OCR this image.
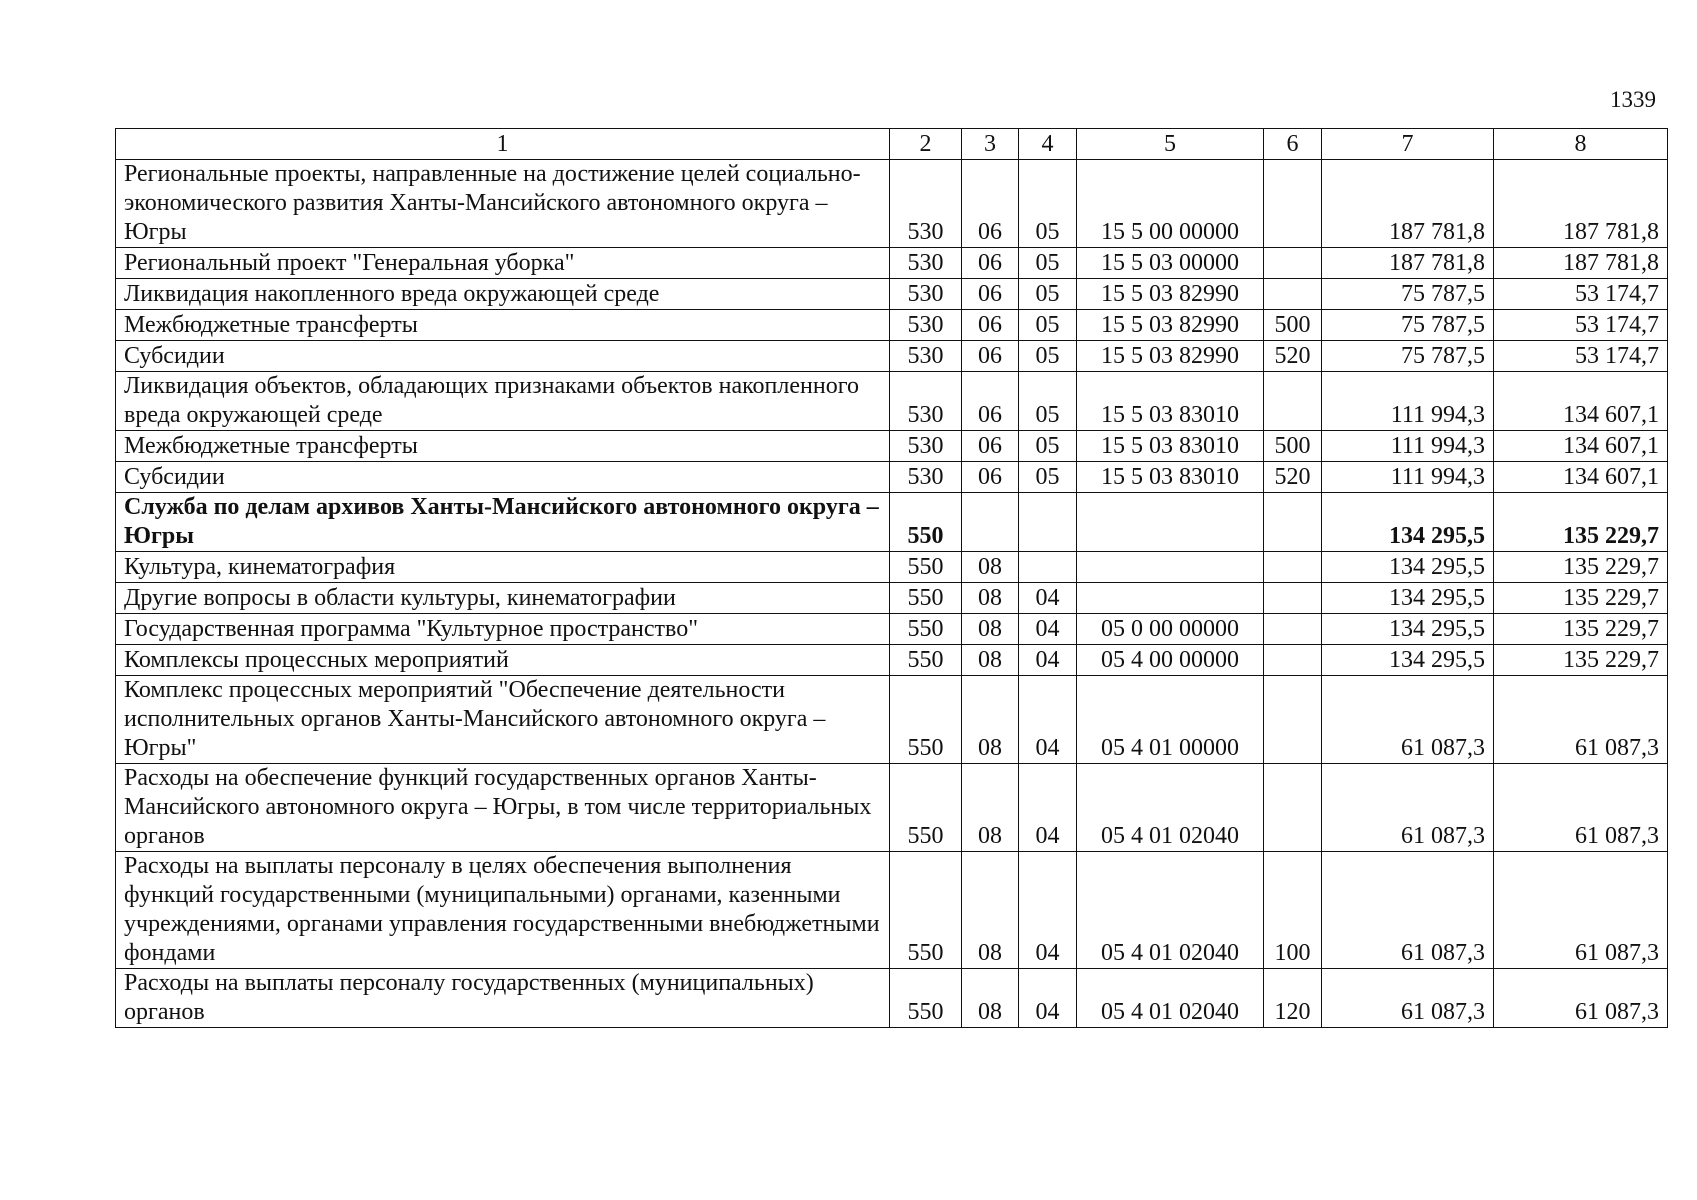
1339
1	2	3	4	5	6	7	8
Региональные проекты, направленные на достижение целей социально-экономического развития Ханты-Мансийского автономного округа – Югры	530	06	05	15 5 00 00000		187 781,8	187 781,8
Региональный проект "Генеральная уборка"	530	06	05	15 5 03 00000		187 781,8	187 781,8
Ликвидация накопленного вреда окружающей среде	530	06	05	15 5 03 82990		75 787,5	53 174,7
Межбюджетные трансферты	530	06	05	15 5 03 82990	500	75 787,5	53 174,7
Субсидии	530	06	05	15 5 03 82990	520	75 787,5	53 174,7
Ликвидация объектов, обладающих признаками объектов накопленного вреда окружающей среде	530	06	05	15 5 03 83010		111 994,3	134 607,1
Межбюджетные трансферты	530	06	05	15 5 03 83010	500	111 994,3	134 607,1
Субсидии	530	06	05	15 5 03 83010	520	111 994,3	134 607,1
Служба по делам архивов Ханты-Мансийского автономного округа – Югры	550					134 295,5	135 229,7
Культура, кинематография	550	08				134 295,5	135 229,7
Другие вопросы в области культуры, кинематографии	550	08	04			134 295,5	135 229,7
Государственная программа "Культурное пространство"	550	08	04	05 0 00 00000		134 295,5	135 229,7
Комплексы процессных мероприятий	550	08	04	05 4 00 00000		134 295,5	135 229,7
Комплекс процессных мероприятий "Обеспечение деятельности исполнительных органов Ханты-Мансийского автономного округа – Югры"	550	08	04	05 4 01 00000		61 087,3	61 087,3
Расходы на обеспечение функций государственных органов Ханты-Мансийского автономного округа – Югры, в том числе территориальных органов	550	08	04	05 4 01 02040		61 087,3	61 087,3
Расходы на выплаты персоналу в целях обеспечения выполнения функций государственными (муниципальными) органами, казенными учреждениями, органами управления государственными внебюджетными фондами	550	08	04	05 4 01 02040	100	61 087,3	61 087,3
Расходы на выплаты персоналу государственных (муниципальных) органов	550	08	04	05 4 01 02040	120	61 087,3	61 087,3
